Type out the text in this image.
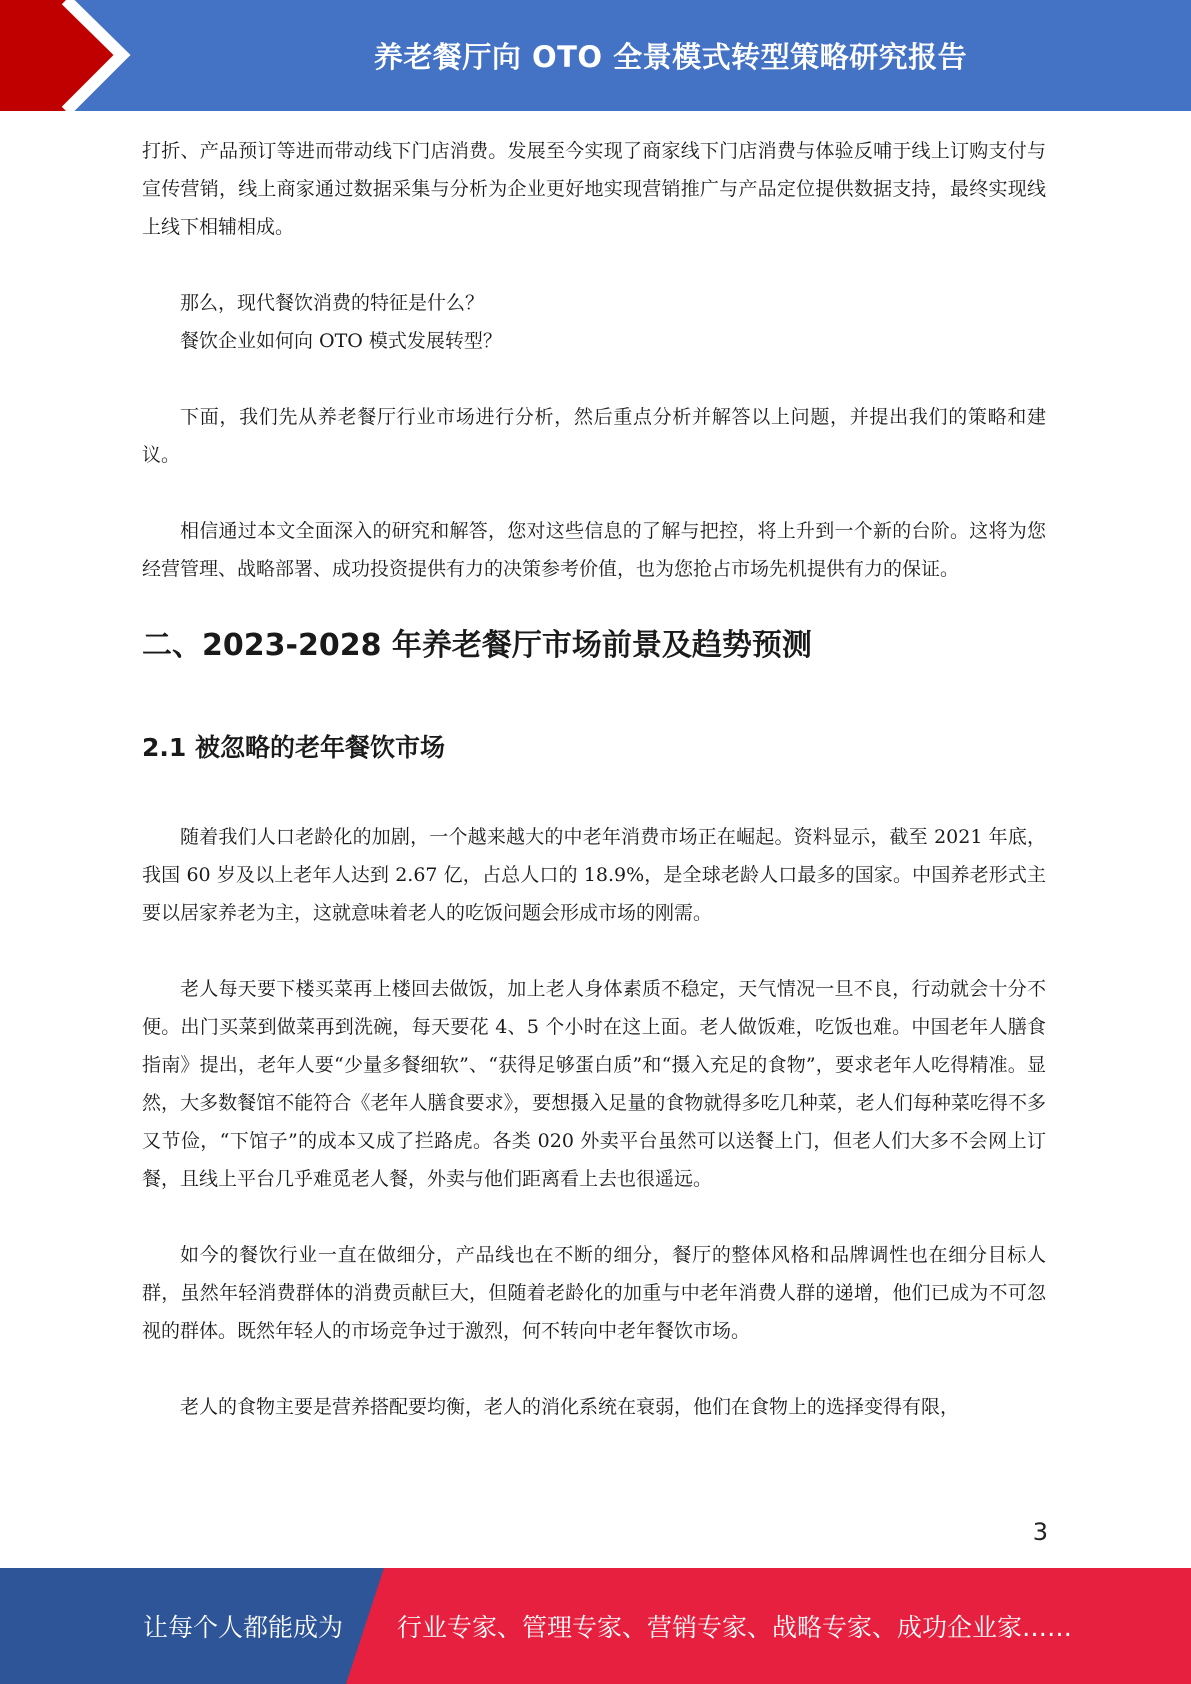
养老餐厅向 OTO 全景模式转型策略研究报告

打折、产品预订等进而带动线下门店消费。发展至今实现了商家线下门店消费与体验反哺于线上订购支付与宣传营销，线上商家通过数据采集与分析为企业更好地实现营销推广与产品定位提供数据支持，最终实现线上线下相辅相成。

那么，现代餐饮消费的特征是什么？

餐饮企业如何向 OTO 模式发展转型？

下面，我们先从养老餐厅行业市场进行分析，然后重点分析并解答以上问题，并提出我们的策略和建议。

相信通过本文全面深入的研究和解答，您对这些信息的了解与把控，将上升到一个新的台阶。这将为您经营管理、战略部署、成功投资提供有力的决策参考价值，也为您抢占市场先机提供有力的保证。

二、2023-2028 年养老餐厅市场前景及趋势预测
2.1 被忽略的老年餐饮市场

随着我们人口老龄化的加剧，一个越来越大的中老年消费市场正在崛起。资料显示，截至 2021 年底，我国 60 岁及以上老年人达到 2.67 亿，占总人口的 18.9%，是全球老龄人口最多的国家。中国养老形式主要以居家养老为主，这就意味着老人的吃饭问题会形成市场的刚需。

老人每天要下楼买菜再上楼回去做饭，加上老人身体素质不稳定，天气情况一旦不良，行动就会十分不便。出门买菜到做菜再到洗碗，每天要花 4、5 个小时在这上面。老人做饭难，吃饭也难。中国老年人膳食指南》提出，老年人要“少量多餐细软”、“获得足够蛋白质”和“摄入充足的食物”，要求老年人吃得精准。显然，大多数餐馆不能符合《老年人膳食要求》，要想摄入足量的食物就得多吃几种菜，老人们每种菜吃得不多又节俭，“下馆子”的成本又成了拦路虎。各类 020 外卖平台虽然可以送餐上门，但老人们大多不会网上订餐，且线上平台几乎难觅老人餐，外卖与他们距离看上去也很遥远。

如今的餐饮行业一直在做细分，产品线也在不断的细分，餐厅的整体风格和品牌调性也在细分目标人群，虽然年轻消费群体的消费贡献巨大，但随着老龄化的加重与中老年消费人群的递增，他们已成为不可忽视的群体。既然年轻人的市场竞争过于激烈，何不转向中老年餐饮市场。

老人的食物主要是营养搭配要均衡，老人的消化系统在衰弱，他们在食物上的选择变得有限，

3
让每个人都能成为 行业专家、管理专家、营销专家、战略专家、成功企业家……
